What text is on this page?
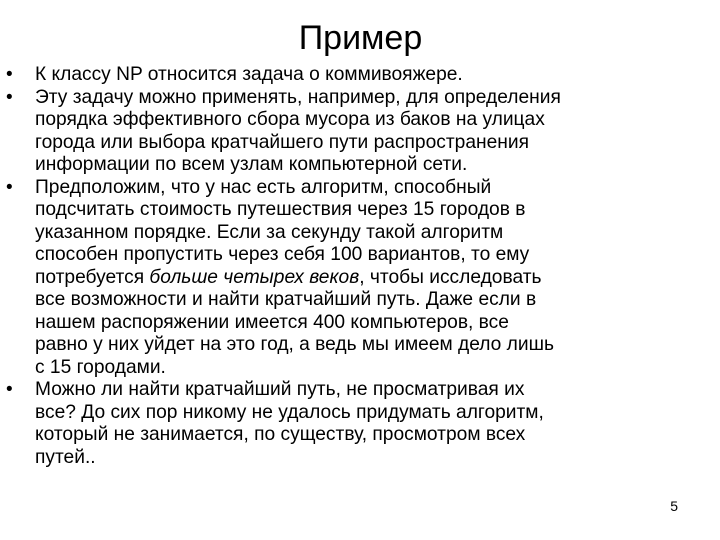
Пример
•	К классу NP относится задача о коммивояжере.
•	Эту задачу можно применять, например, для определения
порядка эффективного сбора мусора из баков на улицах
города или выбора кратчайшего пути распространения
информации по всем узлам компьютерной сети.
•	Предположим, что у нас есть алгоритм, способный
подсчитать стоимость путешествия через 15 городов в
указанном порядке. Если за секунду такой алгоритм
способен пропустить через себя 100 вариантов, то ему
потребуется больше четырех веков, чтобы исследовать
все возможности и найти кратчайший путь. Даже если в
нашем распоряжении имеется 400 компьютеров, все
равно у них уйдет на это год, а ведь мы имеем дело лишь
с 15 городами.
•	Можно ли найти кратчайший путь, не просматривая их
все? До сих пор никому не удалось придумать алгоритм,
который не занимается, по существу, просмотром всех
путей..
5
